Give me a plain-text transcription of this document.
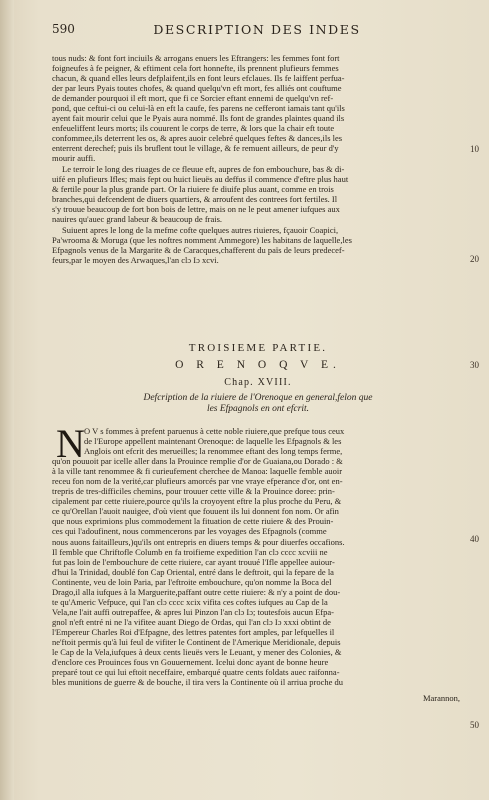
590	DESCRIPTION DES INDES
tous nuds: & font fort inciuils & arrogans enuers les Eftrangers: les femmes font fort
foigneufes à fe peigner, & eftiment cela fort honnefte, ils prennent plufieurs femmes
chacun, & quand elles leurs defplaifent,ils en font leurs efclaues. Ils fe laiffent perfua-
der par leurs Pyais toutes chofes, & quand quelqu'vn eft mort, fes alliés ont couftume
de demander pourquoi il eft mort, que fi ce Sorcier eftant ennemi de quelqu'vn ref-
pond, que ceftui-ci ou celui-là en eft la caufe, fes parens ne cefferont iamais tant qu'ils
ayent fait mourir celui que le Pyais aura nommé. Ils font de grandes plaintes quand ils
enfeueliffent leurs morts; ils couurent le corps de terre, & lors que la chair eft toute
confommee,ils deterrent les os, & apres auoir celebré quelques feftes & dances,ils les
enterrent derechef; puis ils bruflent tout le village, & fe remuent ailleurs, de peur d'y
mourir auffi.
Le terroir le long des riuages de ce fleuue eft, aupres de fon embouchure, bas & di-
uifé en plufieurs Ifles; mais fept ou huict lieuës au deffus il commence d'eftre plus haut
& fertile pour la plus grande part. Or la riuiere fe diuife plus auant, comme en trois
branches,qui defcendent de diuers quartiers, & arroufent des contrees fort fertiles. Il
s'y trouue beaucoup de fort bon bois de lettre, mais on ne le peut amener iufques aux
nauires qu'auec grand labeur & beaucoup de frais.
Suiuent apres le long de la mefme cofte quelques autres riuieres, fçauoir Coapici,
Pa'wrooma & Moruga (que les noftres nomment Ammegore) les habitans de laquelle,les
Efpagnols venus de la Margarite & de Caracques,chafferent du païs de leurs predecef-
feurs,par le moyen des Arwaques,l'an clɔ Iɔ xcvi.
TROISIEME PARTIE.
O R E N O Q V E.
Chap. XVIII.
Defcription de la riuiere de l'Orenoque en general,felon que
les Efpagnols en ont efcrit.
N O V s fommes à prefent paruenus à cette noble riuiere,que prefque tous ceux
de l'Europe appellent maintenant Orenoque: de laquelle les Efpagnols & les
Anglois ont efcrit des merueilles; la renommee eftant des long temps ferme,
qu'on pouuoit par icelle aller dans la Prouince remplie d'or de Guaiana,ou Dorado : &
à la ville tant renommee & fi curieufement cherchee de Manoa: laquelle femble auoir
receu fon nom de la verité,car plufieurs amorcés par vne vraye efperance d'or, ont en-
trepris de tres-difficiles chemins, pour trouuer cette ville & la Prouince doree: prin-
cipalement par cette riuiere,pource qu'ils la croyoyent eftre la plus proche du Peru, &
ce qu'Orellan l'auoit nauigee, d'où vient que fouuent ils lui donnent fon nom. Or afin
que nous exprimions plus commodement la fituation de cette riuiere & des Prouin-
ces qui l'adoufinent, nous commencerons par les voyages des Efpagnols (comme
nous auons faitailleurs,)qu'ils ont entrepris en diuers temps & pour diuerfes occafions.
Il femble que Chriftofle Columb en fa troifieme expedition l'an clɔ cccc xcviii ne
fut pas loin de l'embouchure de cette riuiere, car ayant trouué l'Ifle appellee auiour-
d'hui la Trinidad, doublé fon Cap Oriental, entré dans le deftroit, qui la fepare de la
Continente, veu de loin Paria, par l'eftroite embouchure, qu'on nomme la Boca del
Drago,il alla iufques à la Marguerite,paffant outre cette riuiere: & n'y a point de dou-
te qu'Americ Vefpuce, qui l'an clɔ cccc xcix vifita ces coftes iufques au Cap de la
Vela,ne l'ait auffi outrepaffee, & apres lui Pinzon l'an clɔ Iɔ; toutesfois aucun Efpa-
gnol n'eft entré ni ne l'a vifitee auant Diego de Ordas, qui l'an clɔ Iɔ xxxi obtint de
l'Empereur Charles Roi d'Efpagne, des lettres patentes fort amples, par lefquelles il
ne'ftoit permis qu'à lui feul de vifiter le Continent de l'Amerique Meridionale, depuis
le Cap de la Vela,iufques à deux cents lieuës vers le Leuant, y mener des Colonies, &
d'enclore ces Prouinces fous vn Gouuernement. Icelui donc ayant de bonne heure
preparé tout ce qui lui eftoit neceffaire, embarqué quatre cents foldats auec raifonna-
bles munitions de guerre & de bouche, il tira vers la Continente où il arriua proche du
10
20
30
40
50
Marannon,
